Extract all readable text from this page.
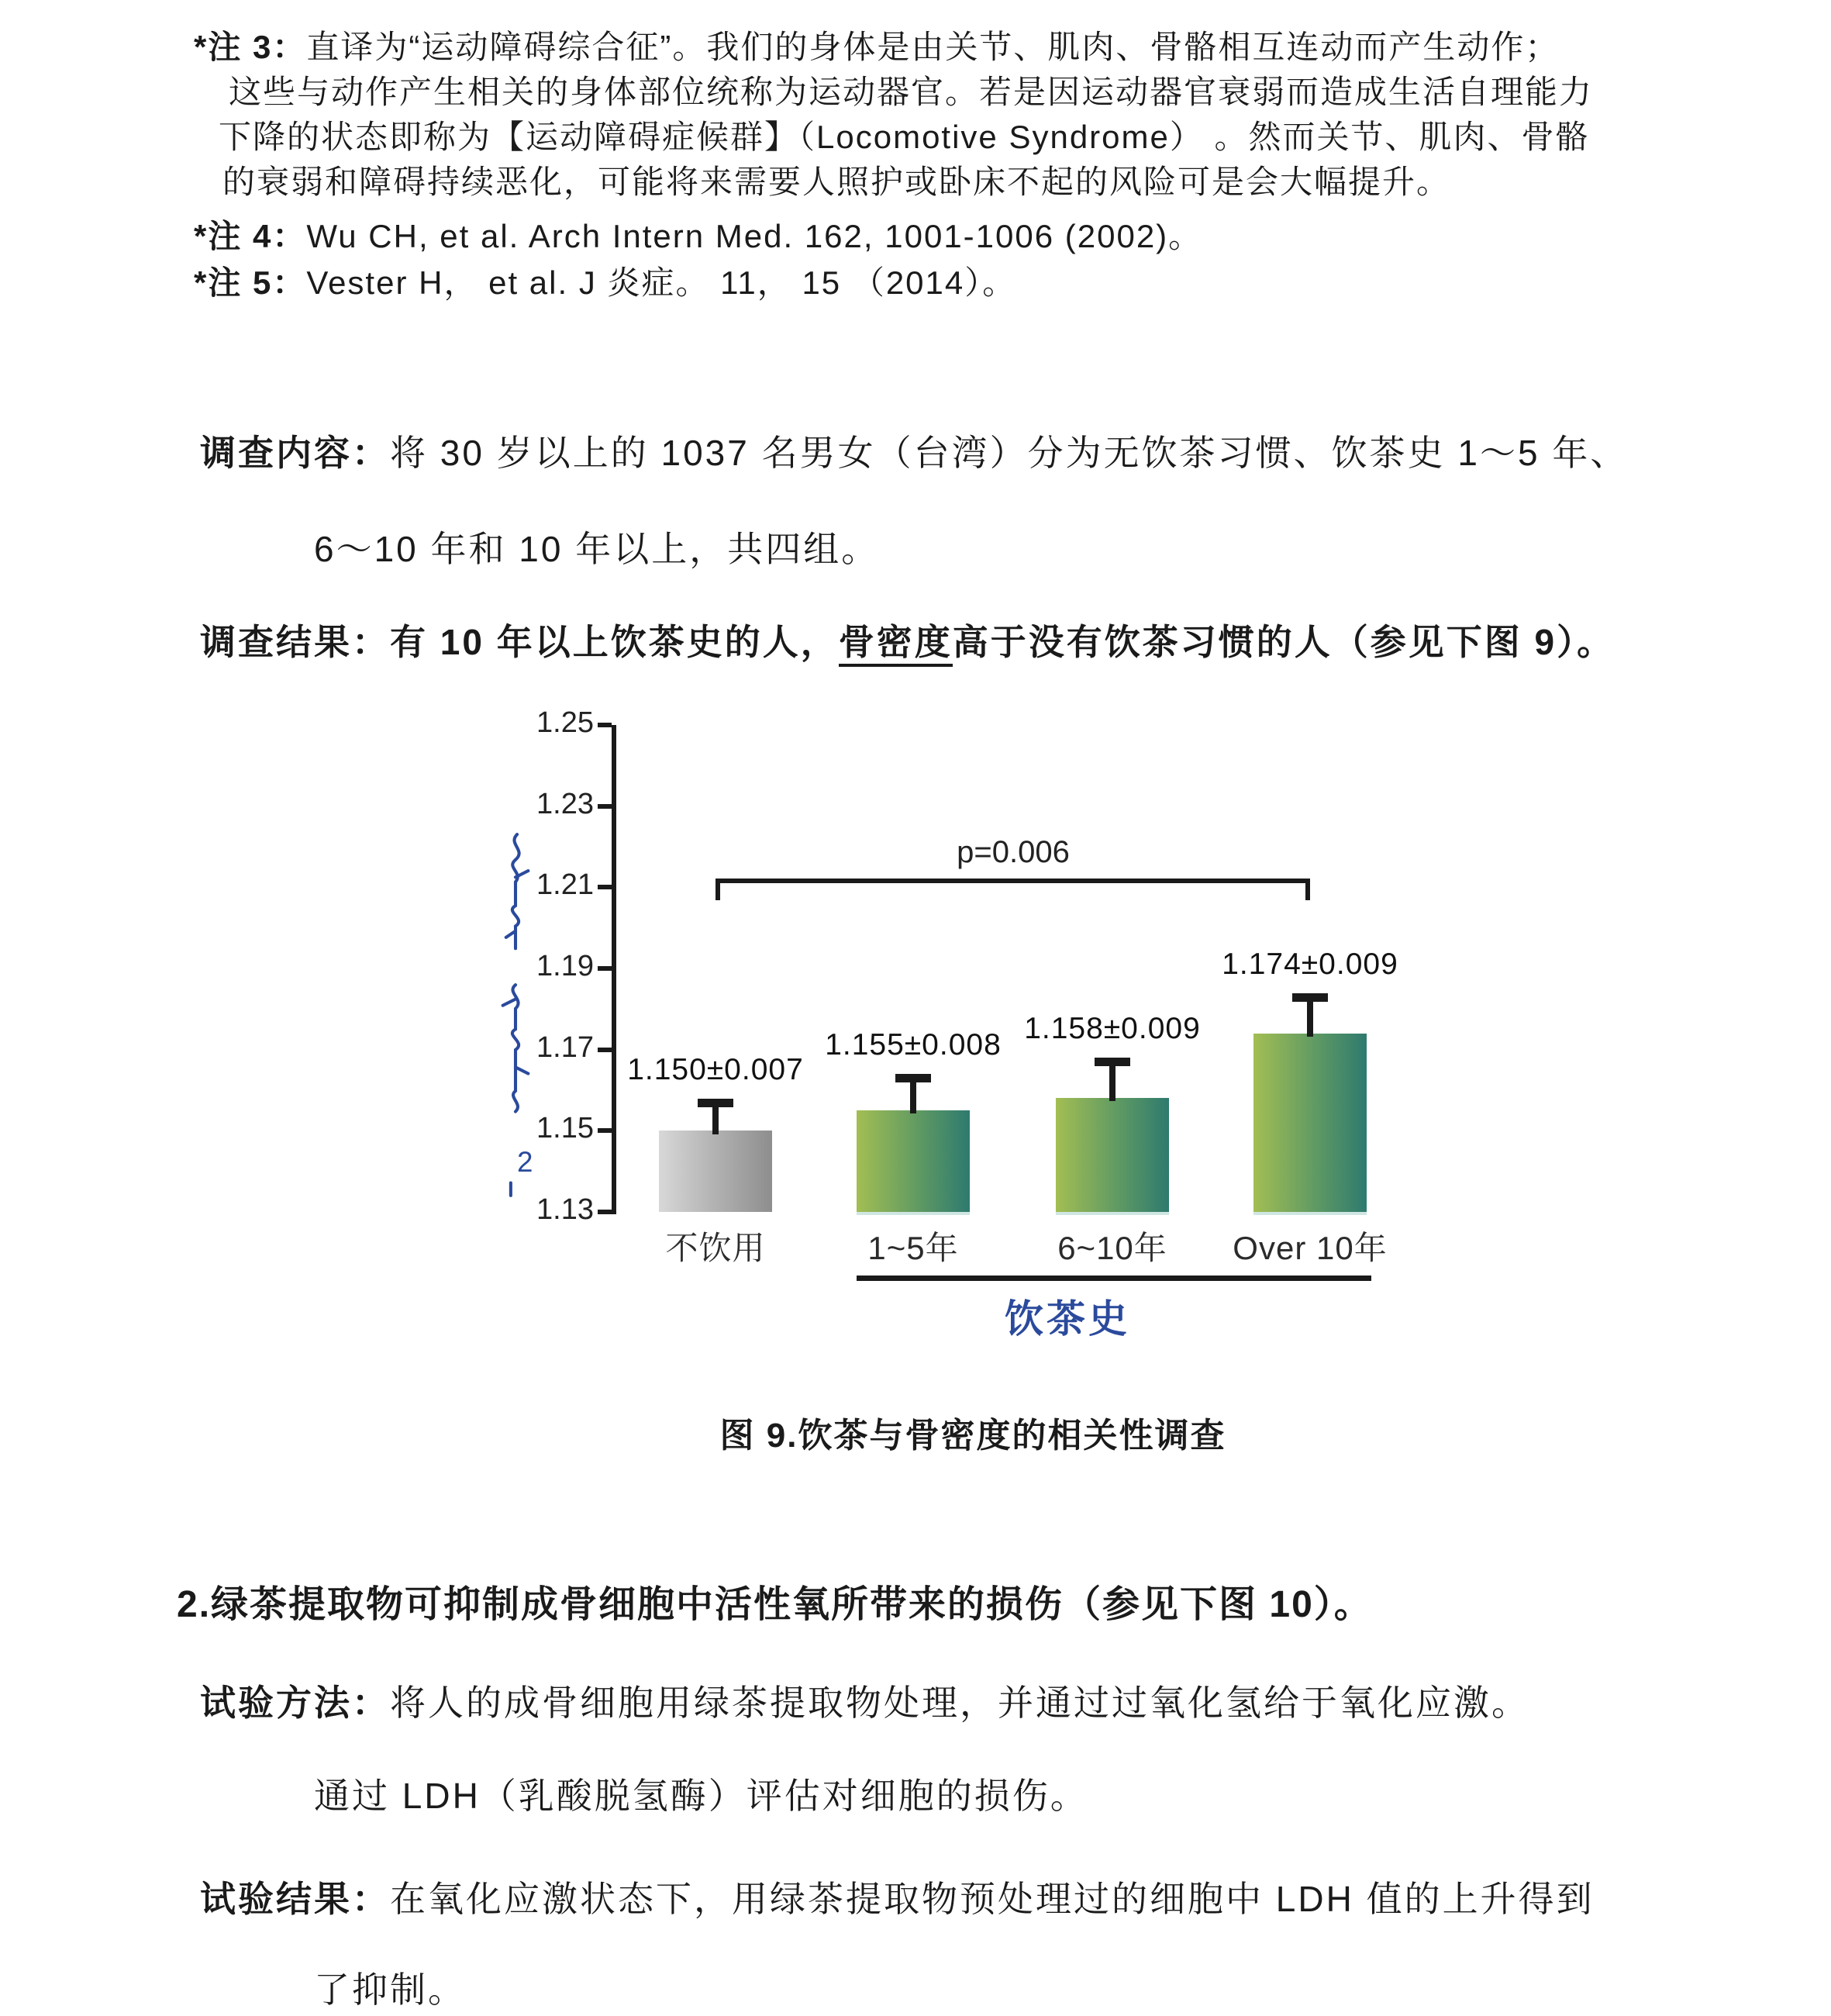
*注 3：直译为“运动障碍综合征”。我们的身体是由关节、肌肉、骨骼相互连动而产生动作；
这些与动作产生相关的身体部位统称为运动器官。若是因运动器官衰弱而造成生活自理能力
下降的状态即称为【运动障碍症候群】（Locomotive Syndrome） 。然而关节、肌肉、骨骼
的衰弱和障碍持续恶化，可能将来需要人照护或卧床不起的风险可是会大幅提升。
*注 4：Wu CH, et al. Arch Intern Med. 162, 1001-1006 (2002)。
*注 5：Vester H， et al. J 炎症。 11， 15 （2014）。
调查内容：将 30 岁以上的 1037 名男女（台湾）分为无饮茶习惯、饮茶史 1～5 年、
6～10 年和 10 年以上，共四组。
调查结果：有 10 年以上饮茶史的人，骨密度高于没有饮茶习惯的人（参见下图 9）。
2
1.25
1.23
1.21
1.19
1.17
1.15
1.13
1.150±0.007
不饮用
1.155±0.008
1~5年
1.158±0.009
6~10年
1.174±0.009
Over 10年
p=0.006
饮茶史
图 9.饮茶与骨密度的相关性调查
2.绿茶提取物可抑制成骨细胞中活性氧所带来的损伤（参见下图 10）。
试验方法：将人的成骨细胞用绿茶提取物处理，并通过过氧化氢给于氧化应激。
通过 LDH（乳酸脱氢酶）评估对细胞的损伤。
试验结果：在氧化应激状态下，用绿茶提取物预处理过的细胞中 LDH 值的上升得到
了抑制。
